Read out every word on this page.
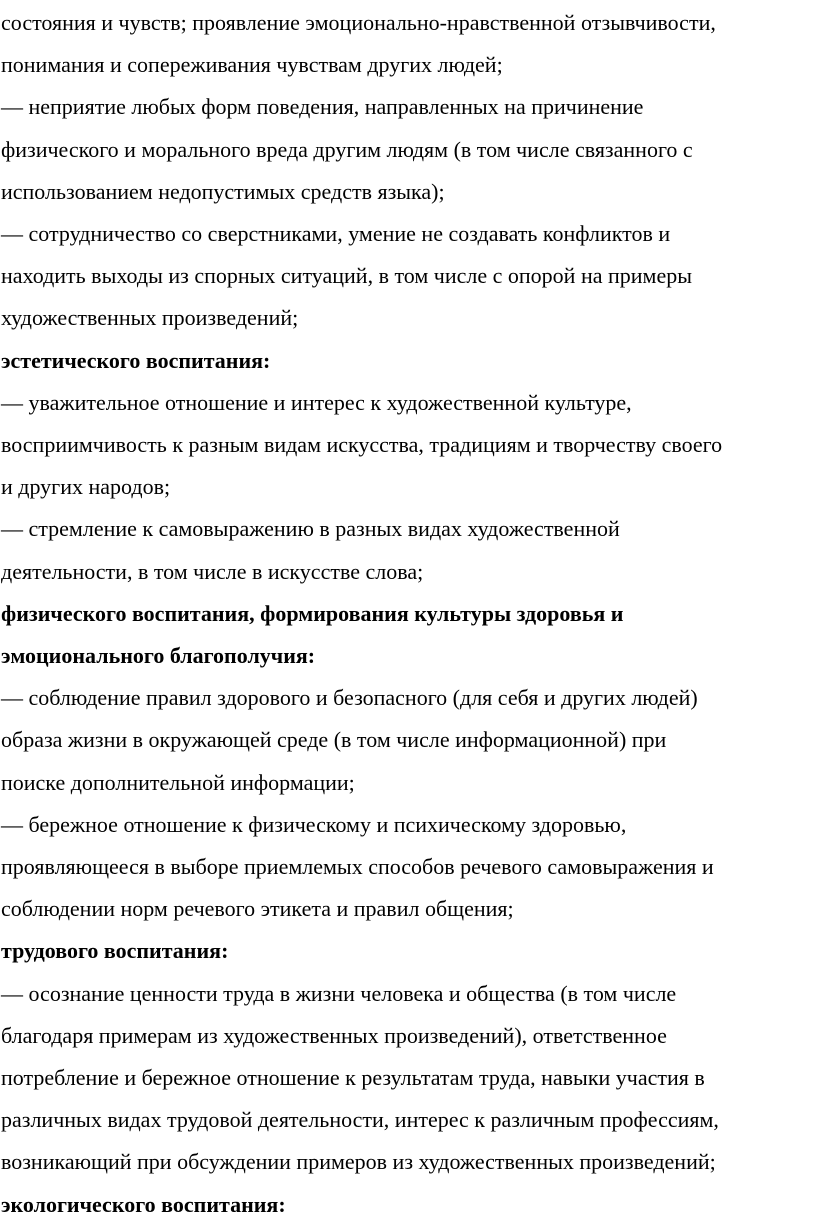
состояния и чувств; проявление эмоционально-нравственной отзывчивости,
понимания и сопереживания чувствам других людей;

— неприятие любых форм поведения, направленных на причинение
физического и морального вреда другим людям (в том числе связанного с
использованием недопустимых средств языка);

— сотрудничество со сверстниками, умение не создавать конфликтов и
находить выходы из спорных ситуаций, в том числе с опорой на примеры
художественных произведений;

эстетического воспитания:

— уважительное отношение и интерес к художественной культуре,
восприимчивость к разным видам искусства, традициям и творчеству своего
и других народов;

— стремление к самовыражению в разных видах художественной
деятельности, в том числе в искусстве слова;

физического воспитания, формирования культуры здоровья и
эмоционального благополучия:

— соблюдение правил здорового и безопасного (для себя и других людей)
образа жизни в окружающей среде (в том числе информационной) при
поиске дополнительной информации;

— бережное отношение к физическому и психическому здоровью,
проявляющееся в выборе приемлемых способов речевого самовыражения и
соблюдении норм речевого этикета и правил общения;

трудового воспитания:

— осознание ценности труда в жизни человека и общества (в том числе
благодаря примерам из художественных произведений), ответственное
потребление и бережное отношение к результатам труда, навыки участия в
различных видах трудовой деятельности, интерес к различным профессиям,
возникающий при обсуждении примеров из художественных произведений;

экологического воспитания:
